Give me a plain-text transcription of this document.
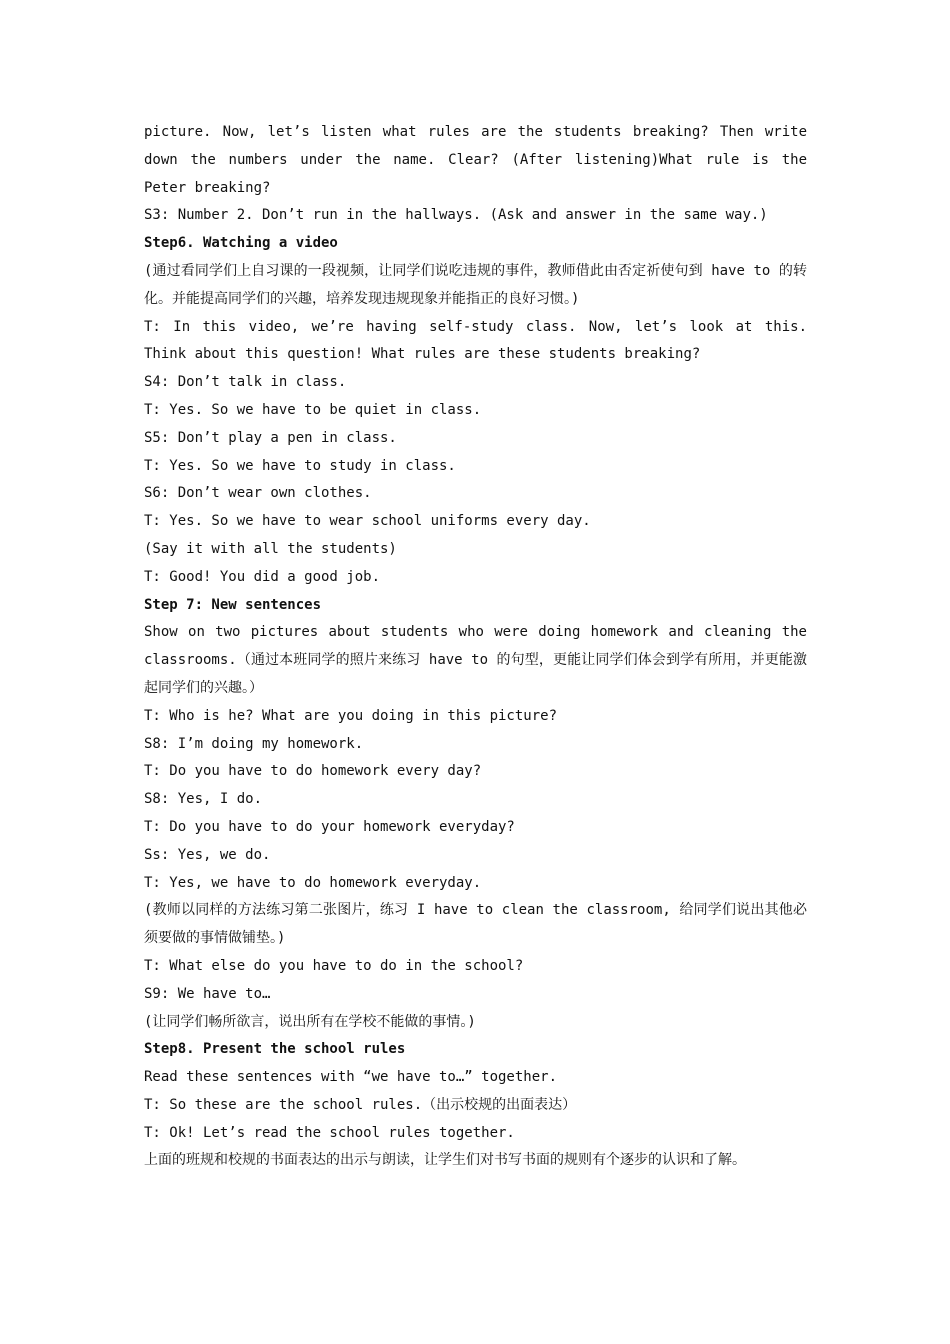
picture. Now, let’s listen what rules are the students breaking? Then write down the numbers under the name. Clear? (After listening)What rule is the Peter breaking?

S3: Number 2. Don’t run in the hallways. (Ask and answer in the same way.)

Step6. Watching a video

(通过看同学们上自习课的一段视频，让同学们说吃违规的事件，教师借此由否定祈使句到 have to 的转化。并能提高同学们的兴趣，培养发现违规现象并能指正的良好习惯。)

T: In this video, we’re having self-study class. Now, let’s look at this. Think about this question! What rules are these students breaking?

S4: Don’t talk in class.

T: Yes. So we have to be quiet in class.

S5: Don’t play a pen in class.

T: Yes. So we have to study in class.

S6: Don’t wear own clothes.

T: Yes. So we have to wear school uniforms every day.

(Say it with all the students)

T: Good! You did a good job.

Step 7: New sentences

Show on two pictures about students who were doing homework and cleaning the classrooms.（通过本班同学的照片来练习 have to 的句型，更能让同学们体会到学有所用，并更能激起同学们的兴趣。）

T: Who is he? What are you doing in this picture?

S8: I’m doing my homework.

T: Do you have to do homework every day?

S8: Yes, I do.

T: Do you have to do your homework everyday?

Ss: Yes, we do.

T: Yes, we have to do homework everyday.

(教师以同样的方法练习第二张图片，练习 I have to clean the classroom, 给同学们说出其他必须要做的事情做铺垫。)

T: What else do you have to do in the school?

S9: We have to…

(让同学们畅所欲言，说出所有在学校不能做的事情。)

Step8. Present the school rules

Read these sentences with “we have to…” together.

T: So these are the school rules.（出示校规的出面表达）

T: Ok! Let’s read the school rules together.

上面的班规和校规的书面表达的出示与朗读，让学生们对书写书面的规则有个逐步的认识和了解。
